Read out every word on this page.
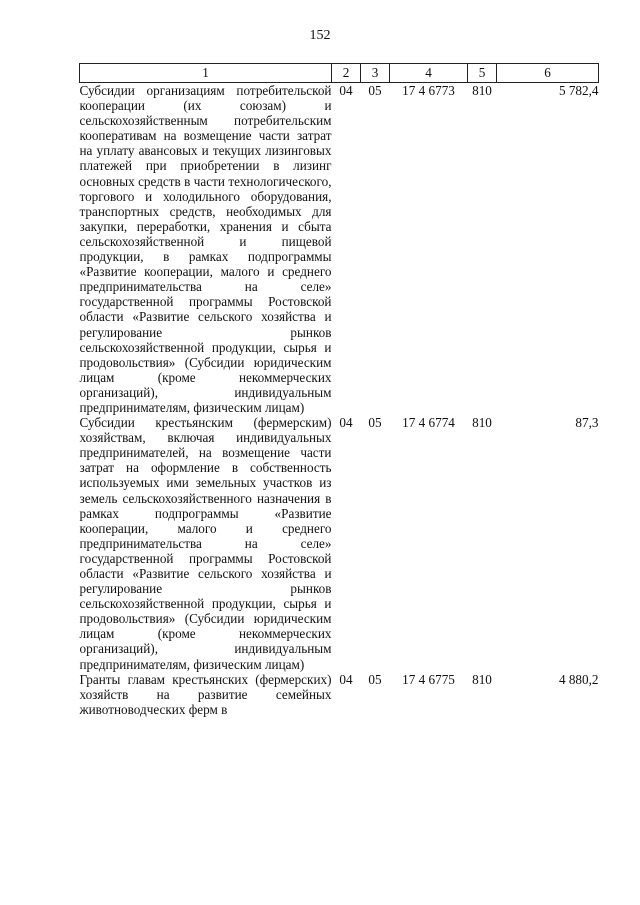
152
1	2	3	4	5	6
Субсидии организациям потребительской кооперации (их союзам) и сельскохозяйственным потребительским кооперативам на возмещение части затрат на уплату авансовых и текущих лизинговых платежей при приобретении в лизинг основных средств в части технологического, торгового и холодильного оборудования, транспортных средств, необходимых для закупки, переработки, хранения и сбыта сельскохозяйственной и пищевой продукции, в рамках подпрограммы «Развитие кооперации, малого и среднего предпринимательства на селе» государственной программы Ростовской области «Развитие сельского хозяйства и регулирование рынков сельскохозяйственной продукции, сырья и продовольствия» (Субсидии юридическим лицам (кроме некоммерческих организаций), индивидуальным предпринимателям, физическим лицам)	04	05	17 4 6773	810	5 782,4
Субсидии крестьянским (фермерским) хозяйствам, включая индивидуальных предпринимателей, на возмещение части затрат на оформление в собственность используемых ими земельных участков из земель сельскохозяйственного назначения в рамках подпрограммы «Развитие кооперации, малого и среднего предпринимательства на селе» государственной программы Ростовской области «Развитие сельского хозяйства и регулирование рынков сельскохозяйственной продукции, сырья и продовольствия» (Субсидии юридическим лицам (кроме некоммерческих организаций), индивидуальным предпринимателям, физическим лицам)	04	05	17 4 6774	810	87,3
Гранты главам крестьянских (фермерских) хозяйств на развитие семейных животноводческих ферм в	04	05	17 4 6775	810	4 880,2
